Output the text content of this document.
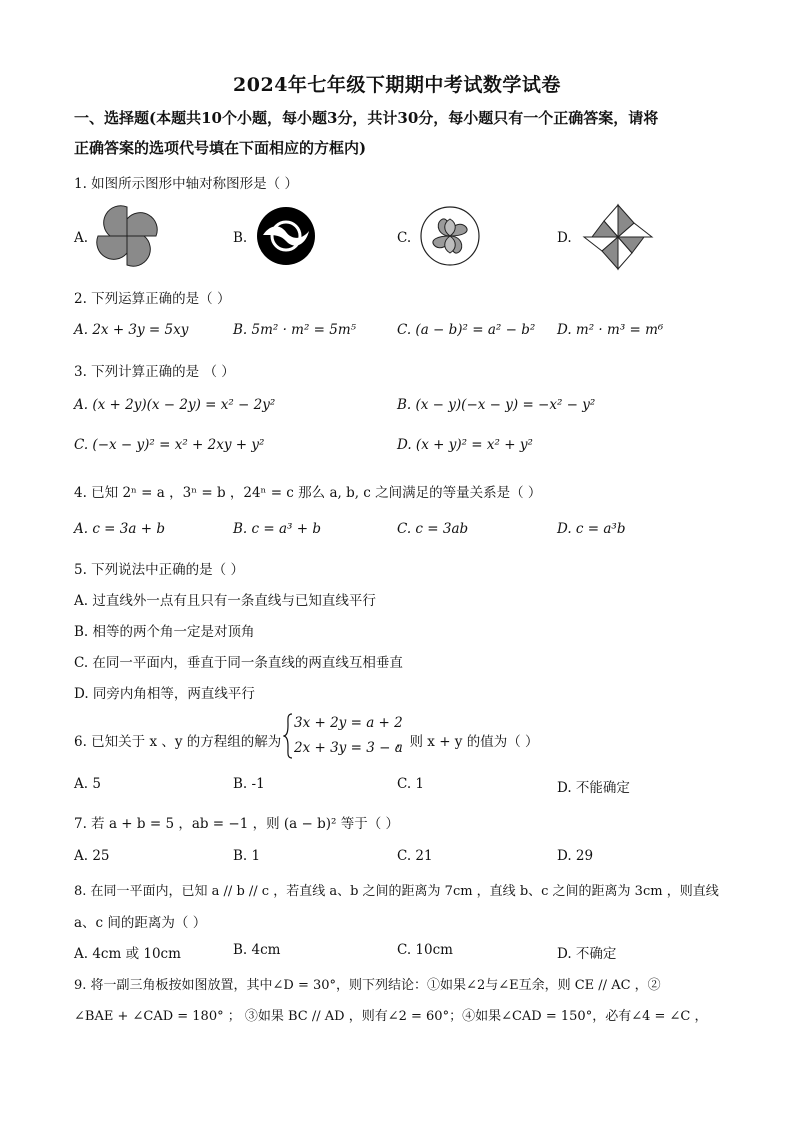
2024年七年级下期期中考试数学试卷
一、选择题(本题共10个小题，每小题3分，共计30分，每小题只有一个正确答案，请将
正确答案的选项代号填在下面相应的方框内)
1. 如图所示图形中轴对称图形是（ ）
A.	B.	C.	D.
2. 下列运算正确的是（ ）
A. 2x + 3y = 5xy	B. 5m² · m² = 5m⁵	C. (a − b)² = a² − b² D. m² · m³ = m⁶
3. 下列计算正确的是 （ ）
A. (x + 2y)(x − 2y) = x² − 2y²	B. (x − y)(−x − y) = −x² − y²
C. (−x − y)² = x² + 2xy + y²	D. (x + y)² = x² + y²
4. 已知 2ⁿ = a ，3ⁿ = b ，24ⁿ = c 那么 a, b, c 之间满足的等量关系是（ ）
A. c = 3a + b	B. c = a³ + b	C. c = 3ab	D. c = a³b
5. 下列说法中正确的是（ ）
A. 过直线外一点有且只有一条直线与已知直线平行
B. 相等的两个角一定是对顶角
C. 在同一平面内，垂直于同一条直线的两直线互相垂直
D. 同旁内角相等，两直线平行
6. 已知关于 x 、y 的方程组的解为
3x + 2y = a + 2
2x + 3y = 3 − a
，则 x + y 的值为（ ）
A. 5	B. -1	C. 1	D. 不能确定
7. 若 a + b = 5 ，ab = −1 ，则 (a − b)² 等于（ ）
A. 25	B. 1	C. 21	D. 29
8. 在同一平面内，已知 a // b // c ，若直线 a、b 之间的距离为 7cm ，直线 b、c 之间的距离为 3cm ，则直线
a、c 间的距离为（ ）
A. 4cm 或 10cm	B. 4cm	C. 10cm	D. 不确定
9. 将一副三角板按如图放置，其中∠D = 30°，则下列结论：①如果∠2与∠E互余，则 CE // AC ，②
∠BAE + ∠CAD = 180° ； ③如果 BC // AD ，则有∠2 = 60°；④如果∠CAD = 150°，必有∠4 = ∠C ，
